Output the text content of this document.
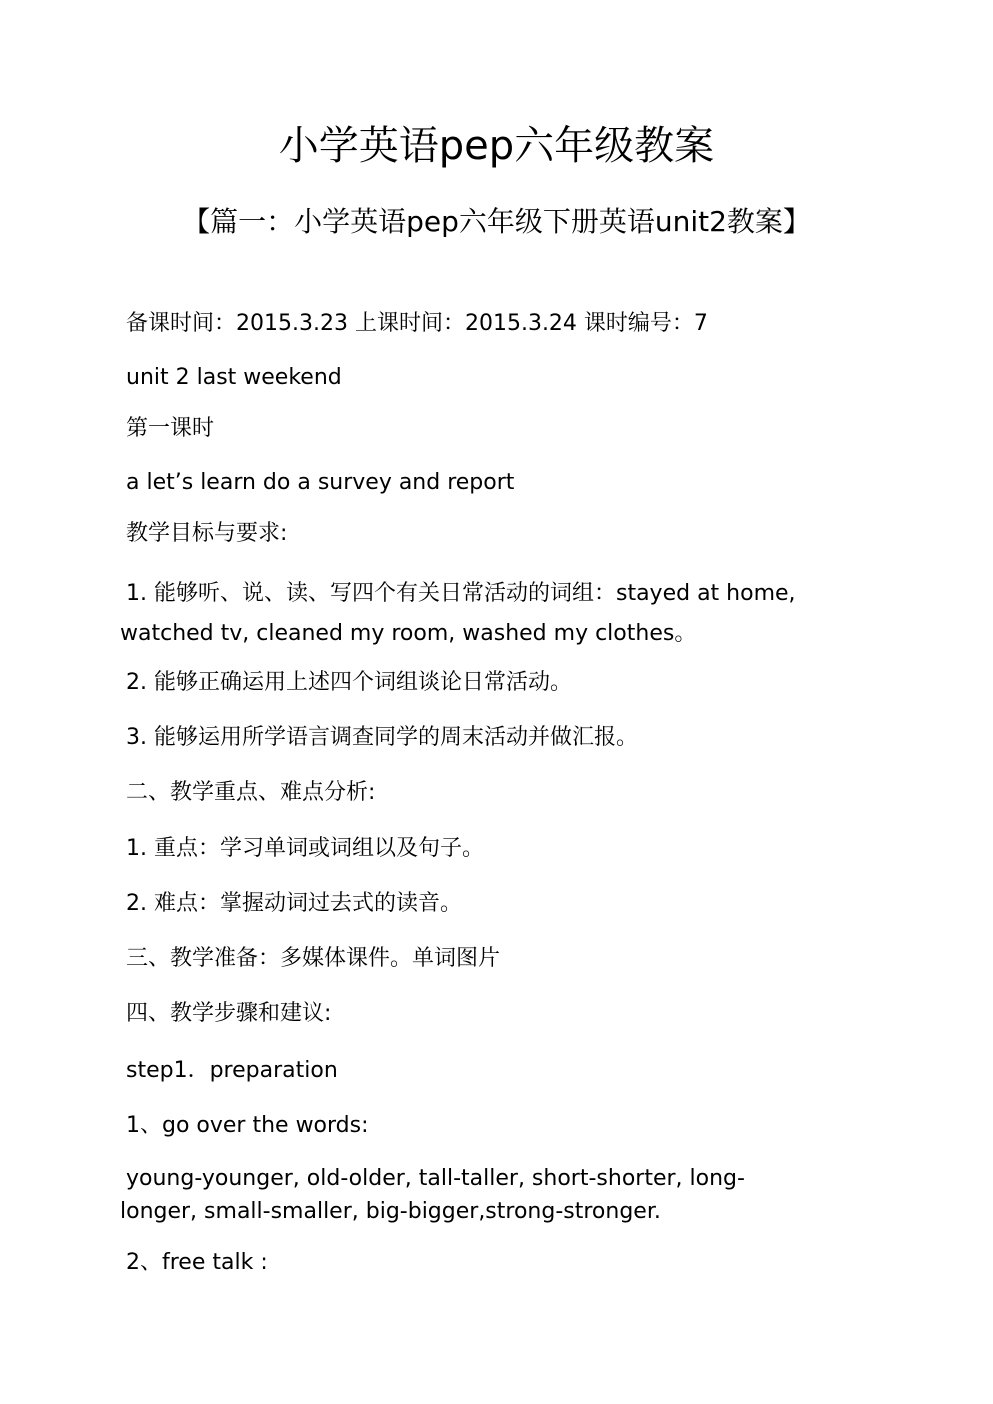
小学英语pep六年级教案
【篇一：小学英语pep六年级下册英语unit2教案】

备课时间：2015.3.23 上课时间：2015.3.24 课时编号：7

unit 2 last weekend

第一课时

a let’s learn do a survey and report

教学目标与要求:

1. 能够听、说、读、写四个有关日常活动的词组：stayed at home,
watched tv, cleaned my room, washed my clothes。

2. 能够正确运用上述四个词组谈论日常活动。

3. 能够运用所学语言调查同学的周末活动并做汇报。

二、教学重点、难点分析:

1. 重点：学习单词或词组以及句子。

2. 难点：掌握动词过去式的读音。

三、教学准备：多媒体课件。单词图片

四、教学步骤和建议:

step1．preparation

1、go over the words:

young-younger, old-older, tall-taller, short-shorter, long-
longer, small-smaller, big-bigger,strong-stronger.

2、free talk :
